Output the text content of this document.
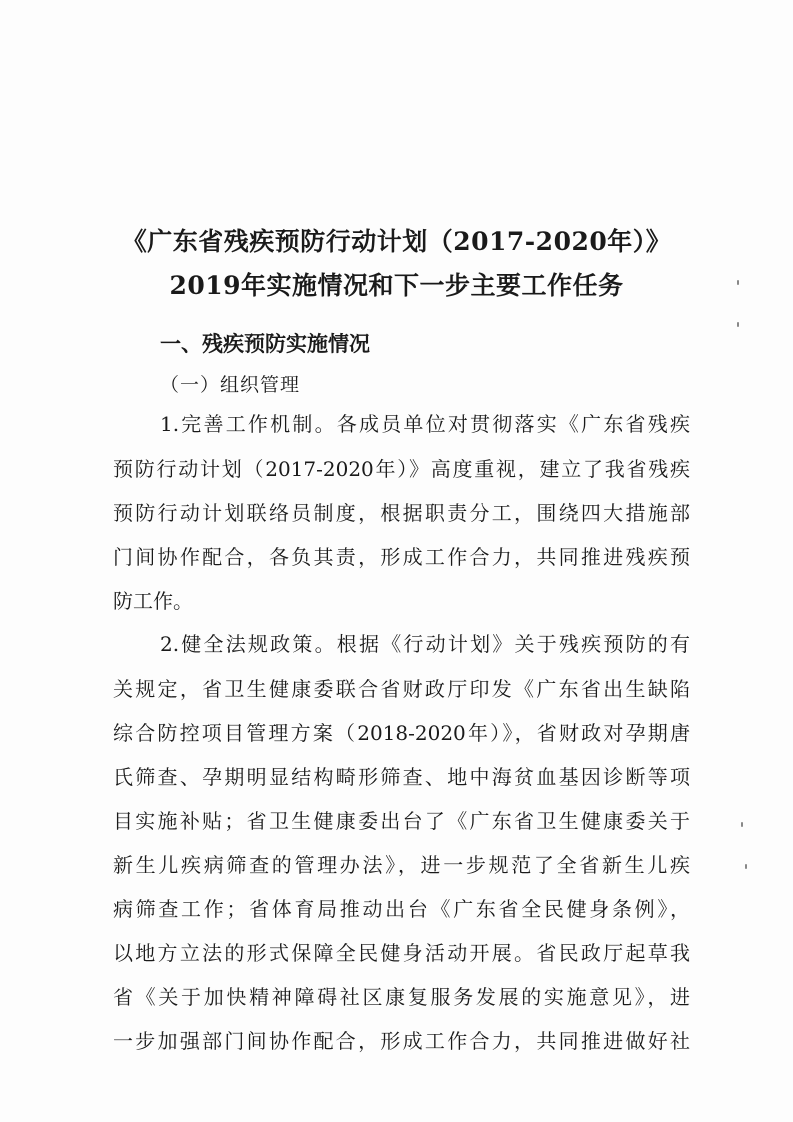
《广东省残疾预防行动计划（2017-2020年）》
2019年实施情况和下一步主要工作任务
一、残疾预防实施情况
（一）组织管理
1.完善工作机制。各成员单位对贯彻落实《广东省残疾
预防行动计划（2017-2020年）》高度重视，建立了我省残疾
预防行动计划联络员制度，根据职责分工，围绕四大措施部
门间协作配合，各负其责，形成工作合力，共同推进残疾预
防工作。
2.健全法规政策。根据《行动计划》关于残疾预防的有
关规定，省卫生健康委联合省财政厅印发《广东省出生缺陷
综合防控项目管理方案（2018-2020年）》，省财政对孕期唐
氏筛查、孕期明显结构畸形筛查、地中海贫血基因诊断等项
目实施补贴；省卫生健康委出台了《广东省卫生健康委关于
新生儿疾病筛查的管理办法》，进一步规范了全省新生儿疾
病筛查工作；省体育局推动出台《广东省全民健身条例》，
以地方立法的形式保障全民健身活动开展。省民政厅起草我
省《关于加快精神障碍社区康复服务发展的实施意见》，进
一步加强部门间协作配合，形成工作合力，共同推进做好社
